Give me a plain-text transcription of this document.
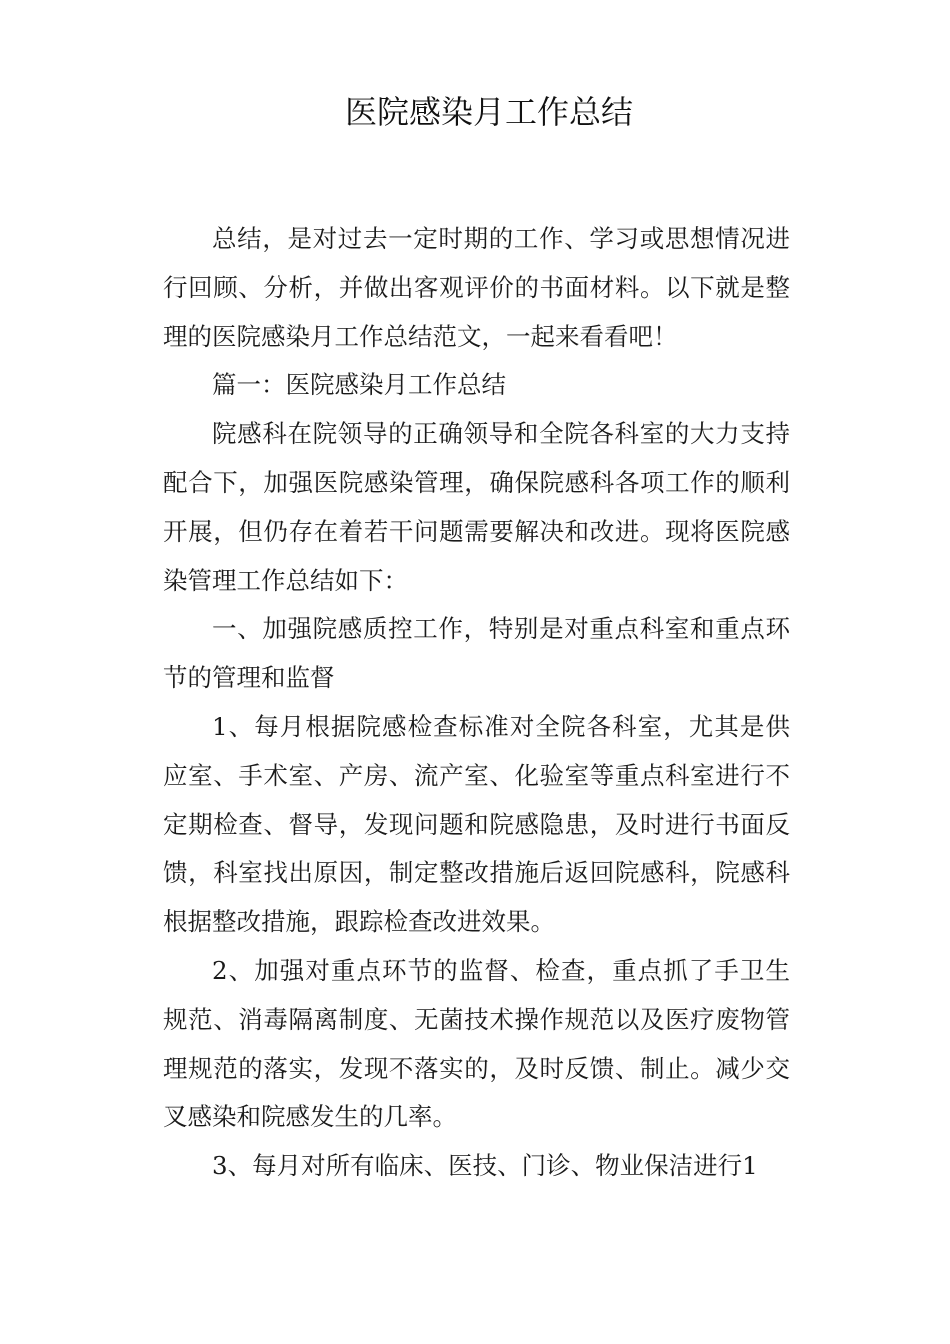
医院感染月工作总结

总结，是对过去一定时期的工作、学习或思想情况进行回顾、分析，并做出客观评价的书面材料。以下就是整理的医院感染月工作总结范文，一起来看看吧！

篇一：医院感染月工作总结

院感科在院领导的正确领导和全院各科室的大力支持配合下，加强医院感染管理，确保院感科各项工作的顺利开展，但仍存在着若干问题需要解决和改进。现将医院感染管理工作总结如下：

一、加强院感质控工作，特别是对重点科室和重点环节的管理和监督

1、每月根据院感检查标准对全院各科室，尤其是供应室、手术室、产房、流产室、化验室等重点科室进行不定期检查、督导，发现问题和院感隐患，及时进行书面反馈，科室找出原因，制定整改措施后返回院感科，院感科根据整改措施，跟踪检查改进效果。

2、加强对重点环节的监督、检查，重点抓了手卫生规范、消毒隔离制度、无菌技术操作规范以及医疗废物管理规范的落实，发现不落实的，及时反馈、制止。减少交叉感染和院感发生的几率。

3、每月对所有临床、医技、门诊、物业保洁进行1
